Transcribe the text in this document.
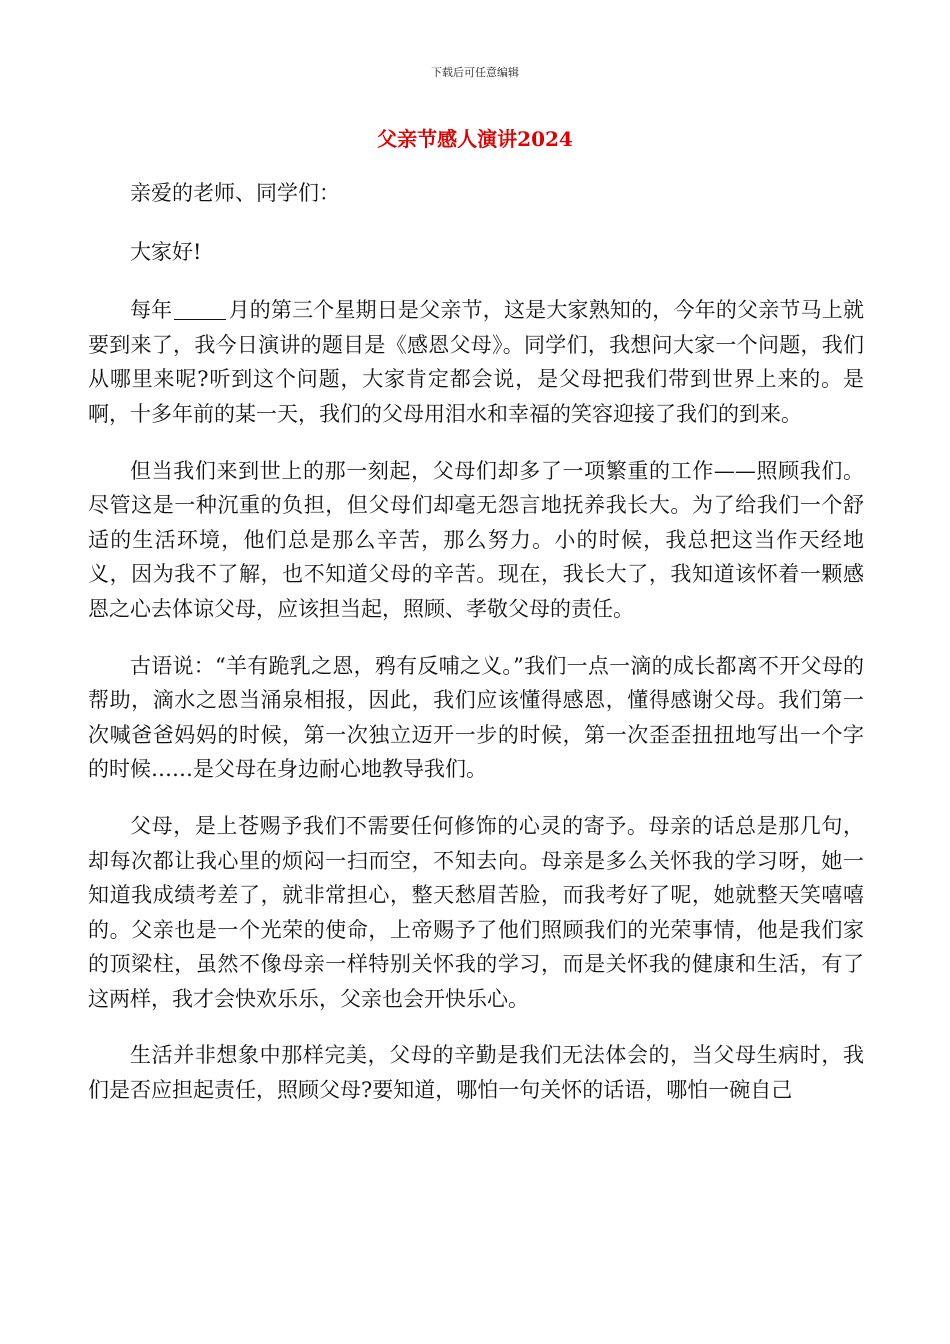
下载后可任意编辑
父亲节感人演讲2024

亲爱的老师、同学们：

大家好!

每年	月的第三个星期日是父亲节，这是大家熟知的，今年的父亲节马上就要到来了，我今日演讲的题目是《感恩父母》。同学们，我想问大家一个问题，我们从哪里来呢?听到这个问题，大家肯定都会说，是父母把我们带到世界上来的。是啊，十多年前的某一天，我们的父母用泪水和幸福的笑容迎接了我们的到来。

但当我们来到世上的那一刻起，父母们却多了一项繁重的工作——照顾我们。尽管这是一种沉重的负担，但父母们却毫无怨言地抚养我长大。为了给我们一个舒适的生活环境，他们总是那么辛苦，那么努力。小的时候，我总把这当作天经地义，因为我不了解，也不知道父母的辛苦。现在，我长大了，我知道该怀着一颗感恩之心去体谅父母，应该担当起，照顾、孝敬父母的责任。

古语说：“羊有跪乳之恩，鸦有反哺之义。”我们一点一滴的成长都离不开父母的帮助，滴水之恩当涌泉相报，因此，我们应该懂得感恩，懂得感谢父母。我们第一次喊爸爸妈妈的时候，第一次独立迈开一步的时候，第一次歪歪扭扭地写出一个字的时候……是父母在身边耐心地教导我们。

父母，是上苍赐予我们不需要任何修饰的心灵的寄予。母亲的话总是那几句，却每次都让我心里的烦闷一扫而空，不知去向。母亲是多么关怀我的学习呀，她一知道我成绩考差了，就非常担心，整天愁眉苦脸，而我考好了呢，她就整天笑嘻嘻的。父亲也是一个光荣的使命，上帝赐予了他们照顾我们的光荣事情，他是我们家的顶梁柱，虽然不像母亲一样特别关怀我的学习，而是关怀我的健康和生活，有了这两样，我才会快欢乐乐，父亲也会开快乐心。

生活并非想象中那样完美，父母的辛勤是我们无法体会的，当父母生病时，我们是否应担起责任，照顾父母?要知道，哪怕一句关怀的话语，哪怕一碗自己
